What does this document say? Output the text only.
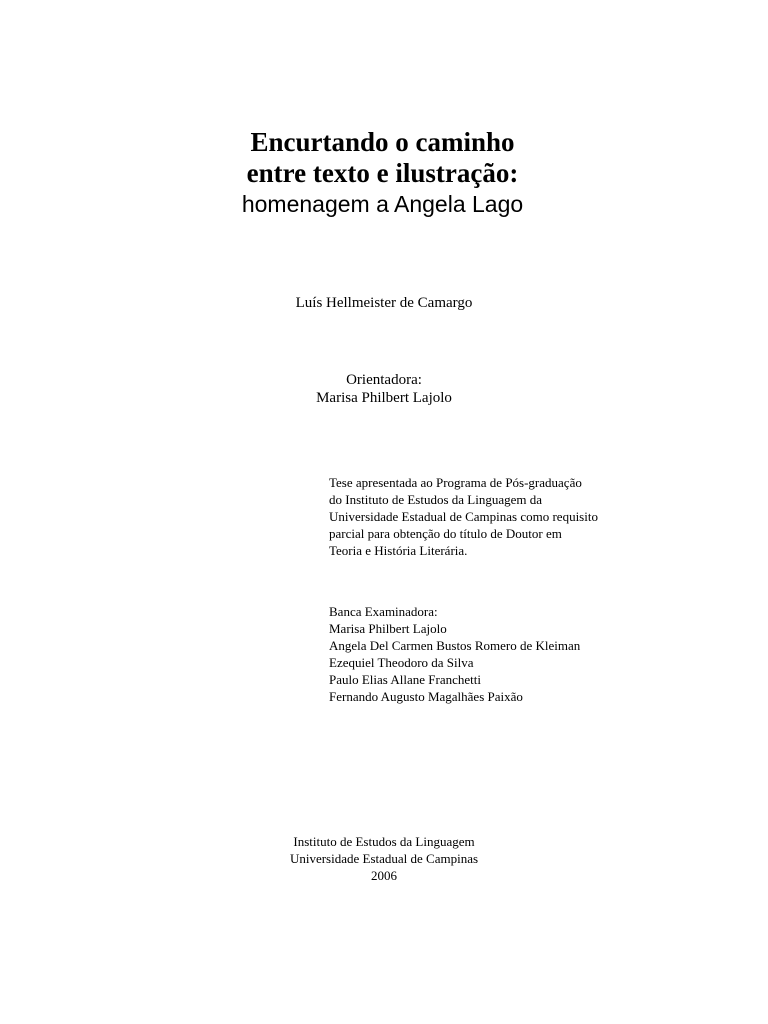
Encurtando o caminho
entre texto e ilustração:
homenagem a Angela Lago
Luís Hellmeister de Camargo
Orientadora:
Marisa Philbert Lajolo

Tese apresentada ao Programa de Pós-graduação

do Instituto de Estudos da Linguagem da

Universidade Estadual de Campinas como requisito

parcial para obtenção do título de Doutor em

Teoria e História Literária.

Banca Examinadora:
Marisa Philbert Lajolo
Angela Del Carmen Bustos Romero de Kleiman
Ezequiel Theodoro da Silva
Paulo Elias Allane Franchetti
Fernando Augusto Magalhães Paixão
Instituto de Estudos da Linguagem
Universidade Estadual de Campinas
2006
